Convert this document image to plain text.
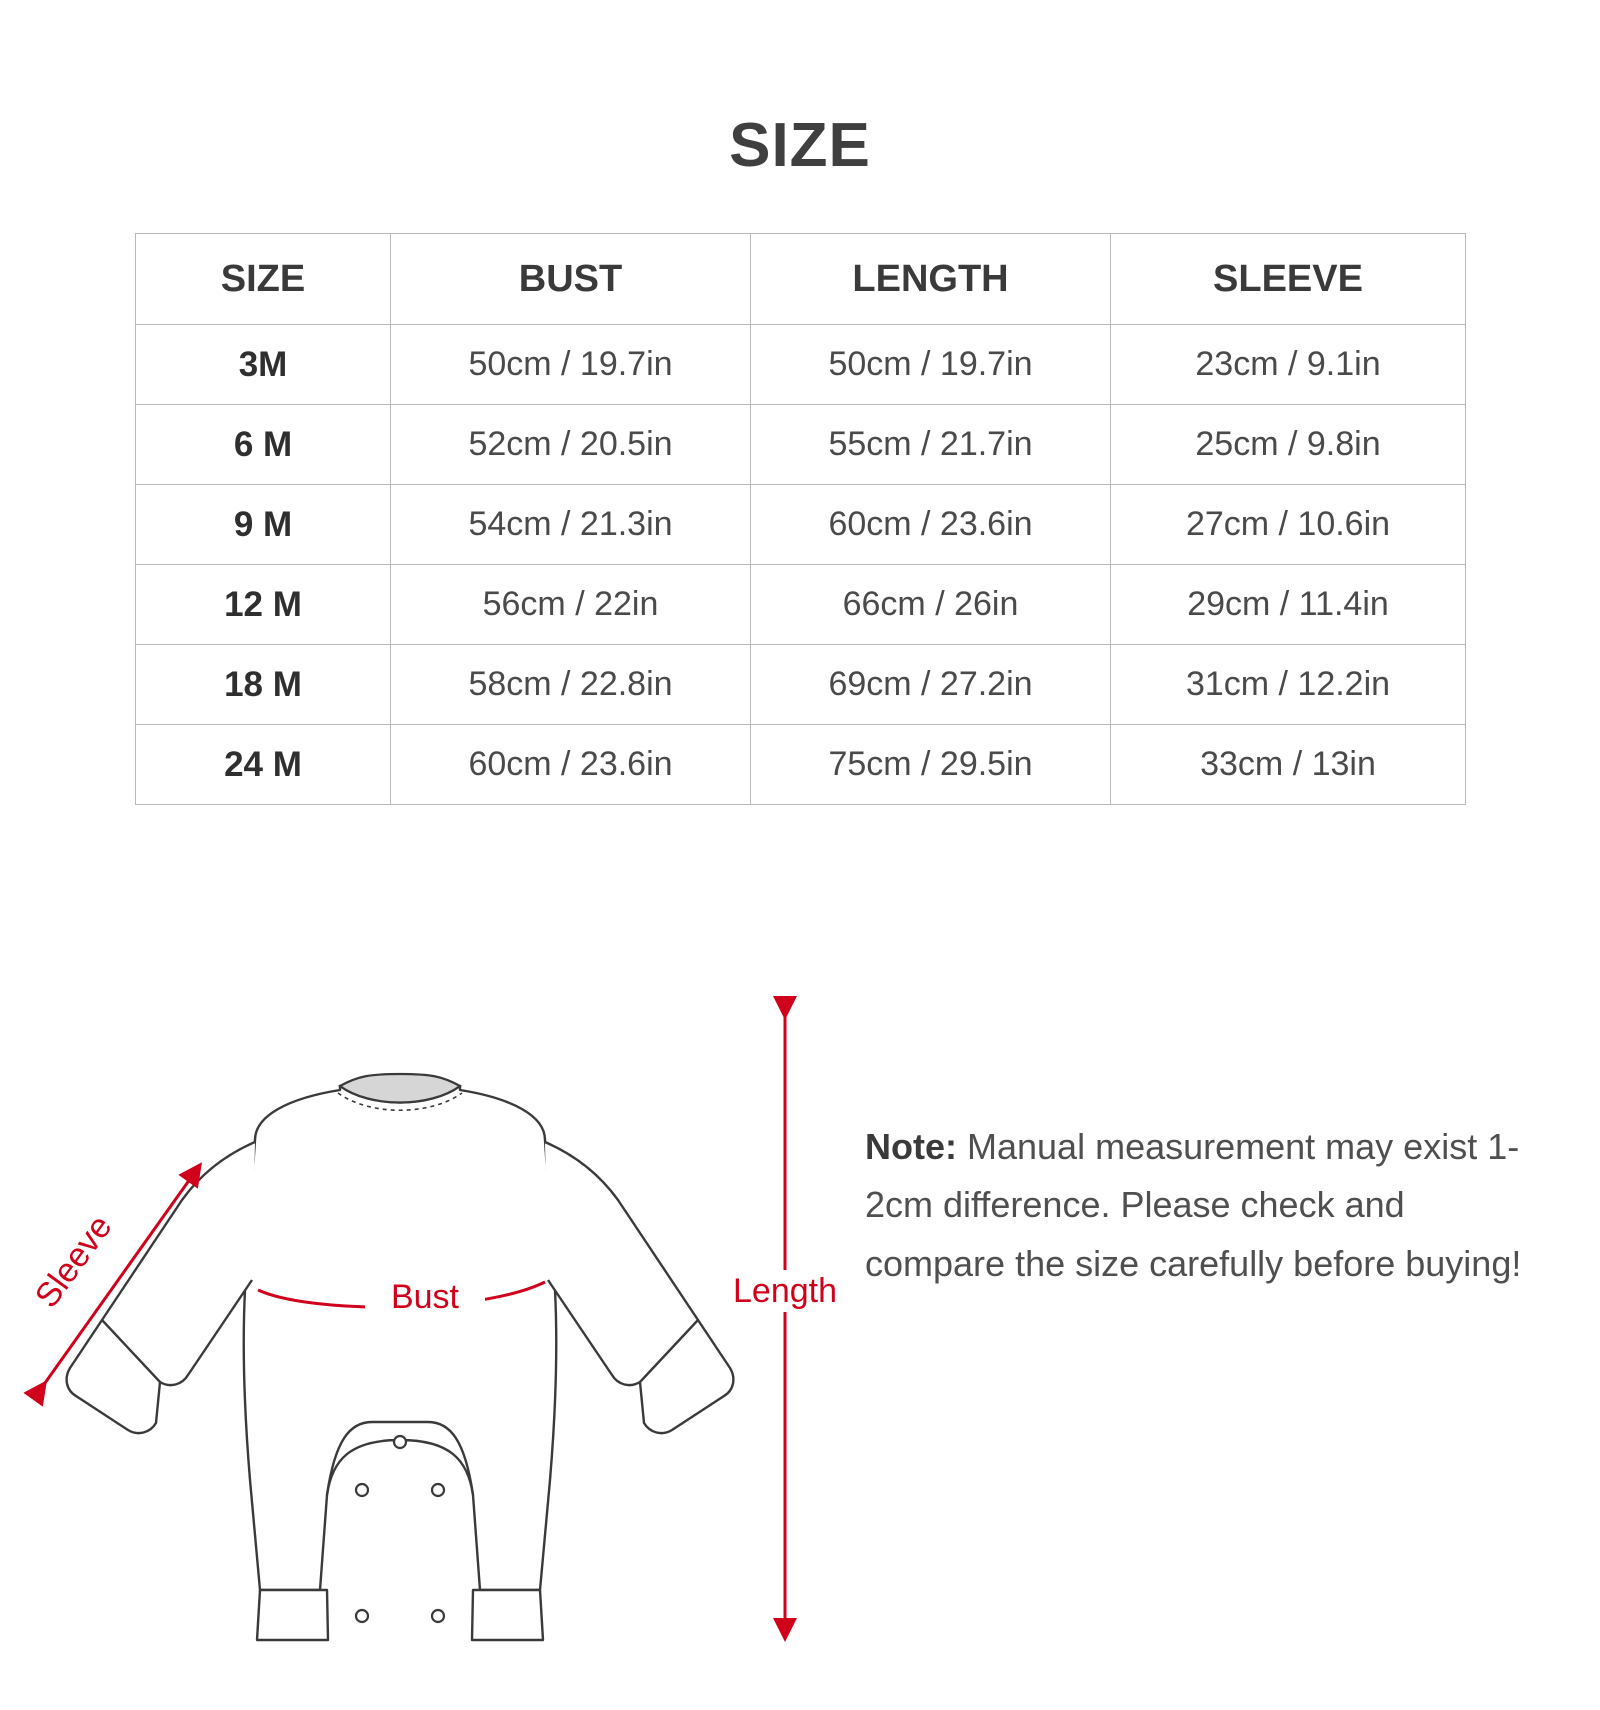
SIZE
SIZE	BUST	LENGTH	SLEEVE
3M	50cm / 19.7in	50cm / 19.7in	23cm / 9.1in
6 M	52cm / 20.5in	55cm / 21.7in	25cm / 9.8in
9 M	54cm / 21.3in	60cm / 23.6in	27cm / 10.6in
12 M	56cm / 22in	66cm / 26in	29cm / 11.4in
18 M	58cm / 22.8in	69cm / 27.2in	31cm / 12.2in
24 M	60cm / 23.6in	75cm / 29.5in	33cm / 13in
Sleeve	Bust	Length
Note: Manual measurement may exist 1-2cm difference. Please check and compare the size carefully before buying!
